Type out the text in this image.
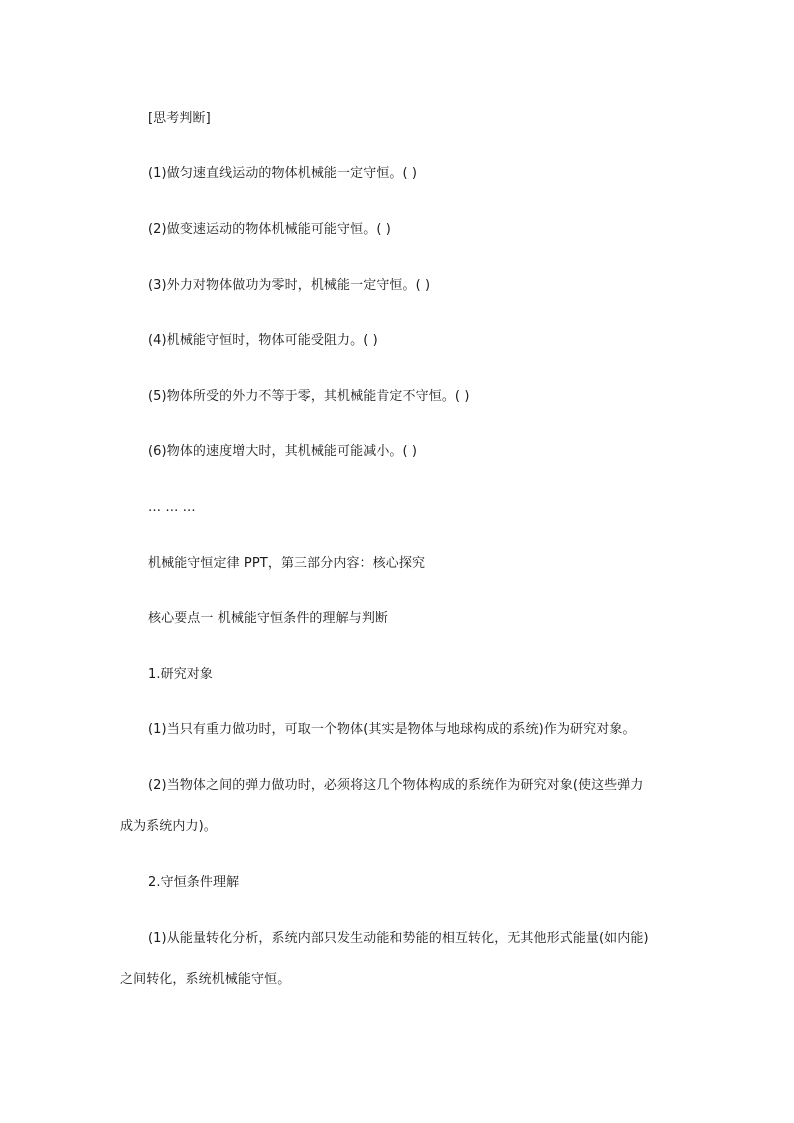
[思考判断]
(1)做匀速直线运动的物体机械能一定守恒。( )
(2)做变速运动的物体机械能可能守恒。( )
(3)外力对物体做功为零时，机械能一定守恒。( )
(4)机械能守恒时，物体可能受阻力。( )
(5)物体所受的外力不等于零，其机械能肯定不守恒。( )
(6)物体的速度增大时，其机械能可能减小。( )
… … …
机械能守恒定律 PPT，第三部分内容：核心探究
核心要点一 机械能守恒条件的理解与判断
1.研究对象
(1)当只有重力做功时，可取一个物体(其实是物体与地球构成的系统)作为研究对象。
(2)当物体之间的弹力做功时，必须将这几个物体构成的系统作为研究对象(使这些弹力
成为系统内力)。
2.守恒条件理解
(1)从能量转化分析，系统内部只发生动能和势能的相互转化，无其他形式能量(如内能)
之间转化，系统机械能守恒。
